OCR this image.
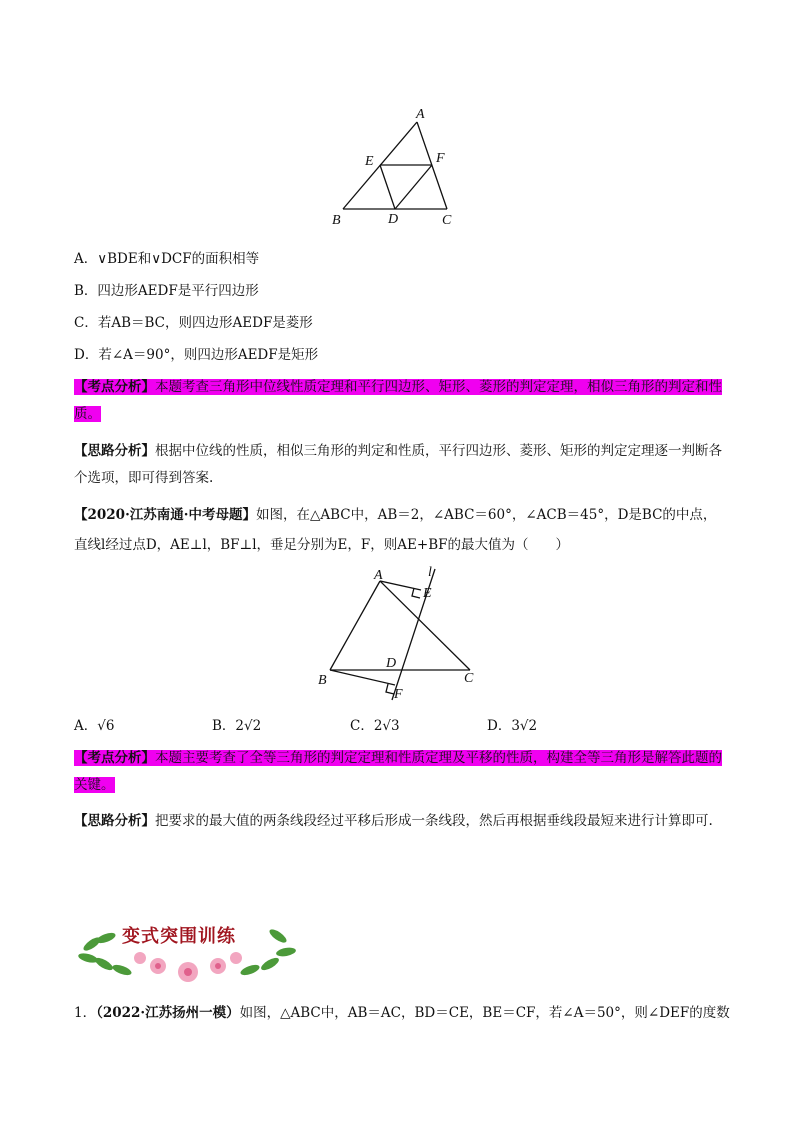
A
E	F
B	D	C
A．∨BDE和∨DCF的面积相等
B．四边形AEDF是平行四边形
C．若AB＝BC，则四边形AEDF是菱形
D．若∠A＝90°，则四边形AEDF是矩形
【考点分析】本题考查三角形中位线性质定理和平行四边形、矩形、菱形的判定定理，相似三角形的判定和性质。
【思路分析】根据中位线的性质，相似三角形的判定和性质，平行四边形、菱形、矩形的判定定理逐一判断各个选项，即可得到答案.
【2020·江苏南通·中考母题】如图，在△ABC中，AB＝2，∠ABC＝60°，∠ACB＝45°，D是BC的中点，
直线l经过点D，AE⊥l，BF⊥l，垂足分别为E，F，则AE+BF的最大值为（　　）
A	l
E
D
B	C
F
A．√6	B．2√2	C．2√3	D．3√2
【考点分析】本题主要考查了全等三角形的判定定理和性质定理及平移的性质，构建全等三角形是解答此题的关键。
【思路分析】把要求的最大值的两条线段经过平移后形成一条线段，然后再根据垂线段最短来进行计算即可.
变式突围训练
1．（2022·江苏扬州一模）如图，△ABC中，AB＝AC，BD＝CE，BE＝CF，若∠A＝50°，则∠DEF的度数
